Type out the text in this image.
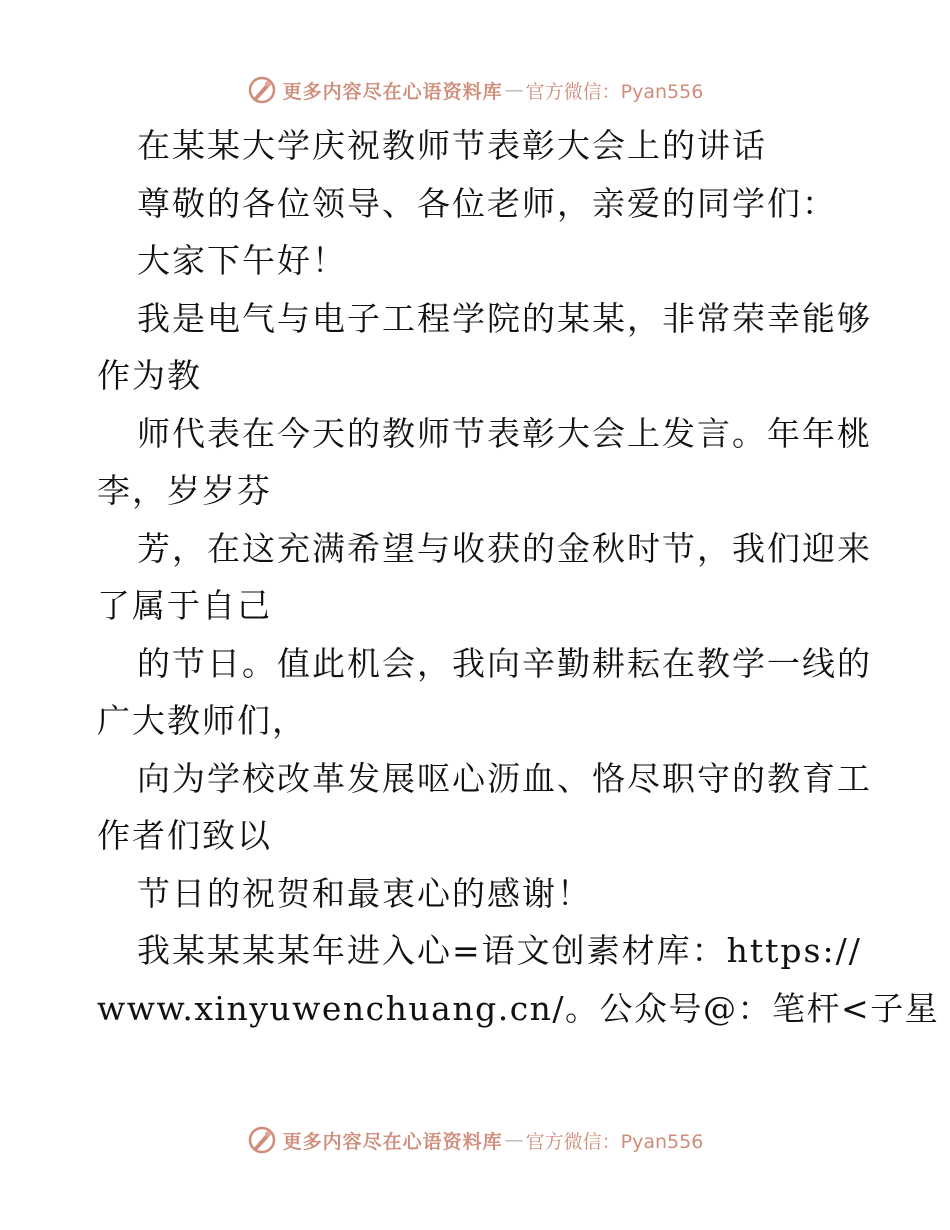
更多内容尽在心语资料库 — 官方微信：Pyan556
在某某大学庆祝教师节表彰大会上的讲话
尊敬的各位领导、各位老师，亲爱的同学们：
大家下午好！
我是电气与电子工程学院的某某，非常荣幸能够
作为教
师代表在今天的教师节表彰大会上发言。年年桃
李，岁岁芬
芳，在这充满希望与收获的金秋时节，我们迎来
了属于自己
的节日。值此机会，我向辛勤耕耘在教学一线的
广大教师们，
向为学校改革发展呕心沥血、恪尽职守的教育工
作者们致以
节日的祝贺和最衷心的感谢！
我某某某某年进入心=语文创素材库：https://
www.xinyuwenchuang.cn/。公众号@：笔杆<子星
更多内容尽在心语资料库 — 官方微信：Pyan556
